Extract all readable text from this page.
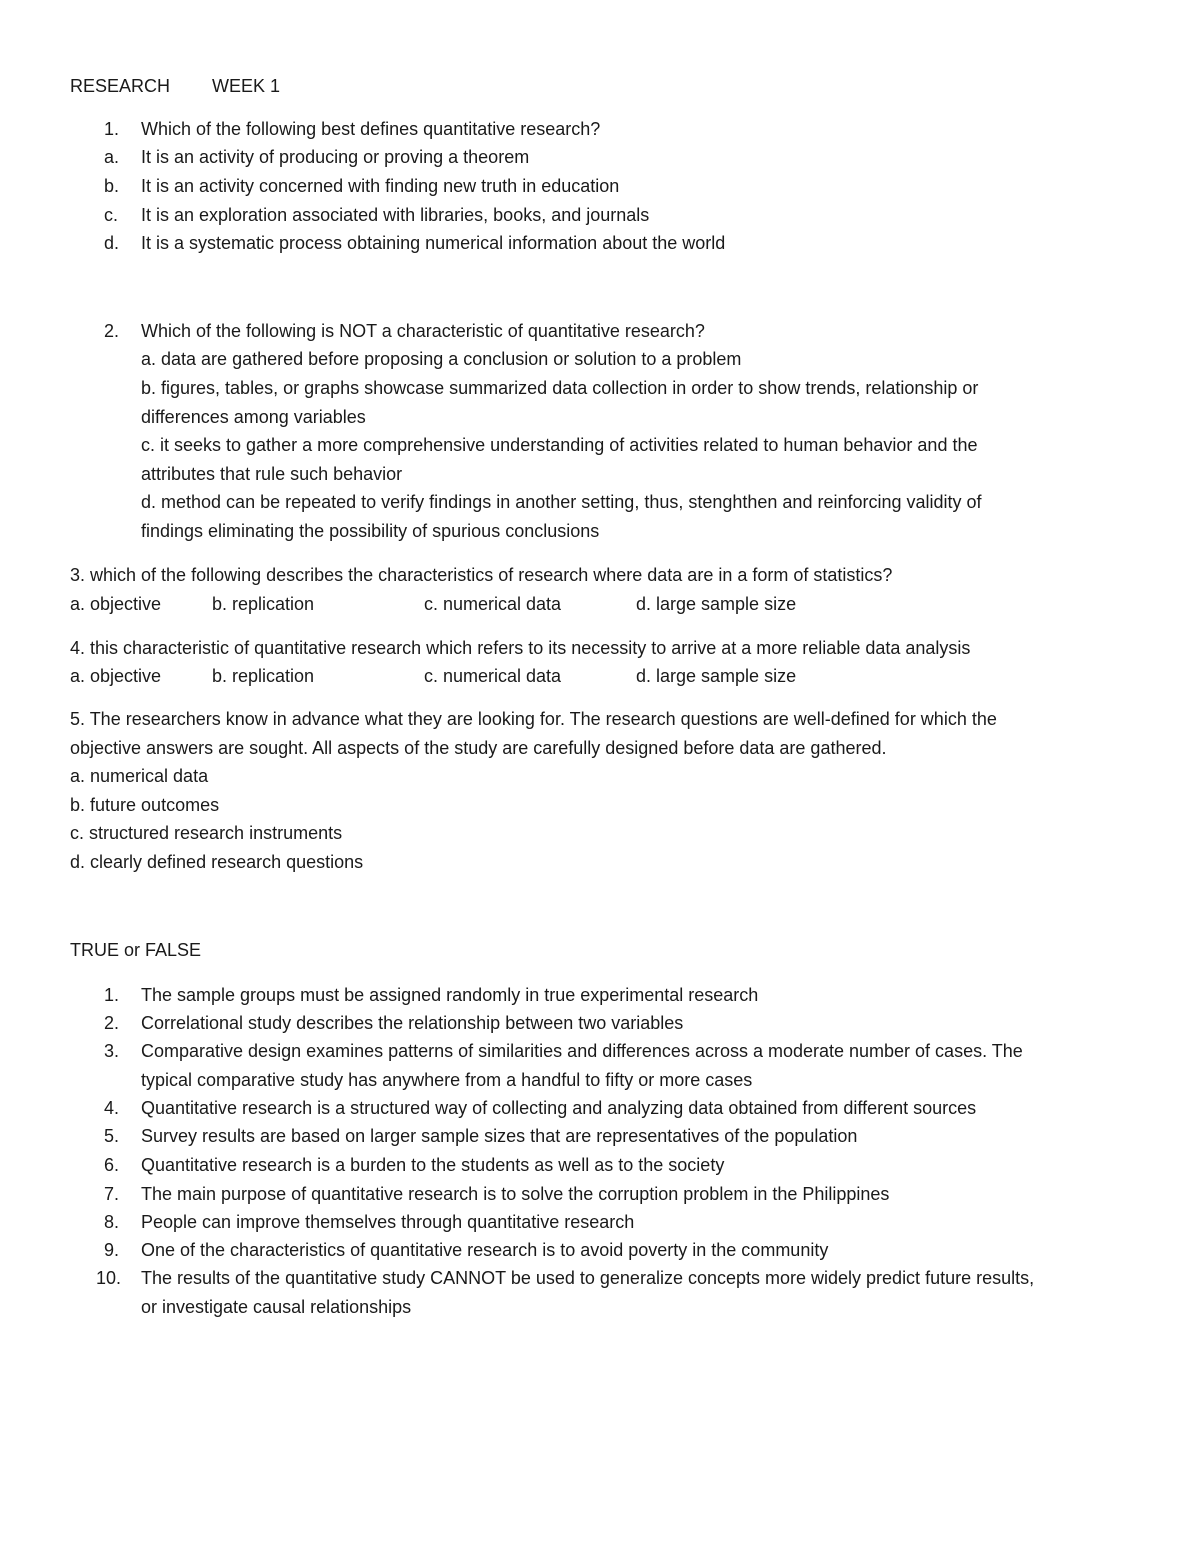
RESEARCH WEEK 1
1. Which of the following best defines quantitative research?
a. It is an activity of producing or proving a theorem
b. It is an activity concerned with finding new truth in education
c. It is an exploration associated with libraries, books, and journals
d. It is a systematic process obtaining numerical information about the world
2. Which of the following is NOT a characteristic of quantitative research?
a. data are gathered before proposing a conclusion or solution to a problem
b. figures, tables, or graphs showcase summarized data collection in order to show trends, relationship or
differences among variables
c. it seeks to gather a more comprehensive understanding of activities related to human behavior and the
attributes that rule such behavior
d. method can be repeated to verify findings in another setting, thus, stenghthen and reinforcing validity of
findings eliminating the possibility of spurious conclusions
3. which of the following describes the characteristics of research where data are in a form of statistics?
a. objective	b. replication	c. numerical data	d. large sample size
4. this characteristic of quantitative research which refers to its necessity to arrive at a more reliable data analysis
a. objective	b. replication	c. numerical data	d. large sample size
5. The researchers know in advance what they are looking for. The research questions are well-defined for which the
objective answers are sought. All aspects of the study are carefully designed before data are gathered.
a. numerical data
b. future outcomes
c. structured research instruments
d. clearly defined research questions
TRUE or FALSE
1. The sample groups must be assigned randomly in true experimental research
2. Correlational study describes the relationship between two variables
3. Comparative design examines patterns of similarities and differences across a moderate number of cases. The
typical comparative study has anywhere from a handful to fifty or more cases
4. Quantitative research is a structured way of collecting and analyzing data obtained from different sources
5. Survey results are based on larger sample sizes that are representatives of the population
6. Quantitative research is a burden to the students as well as to the society
7. The main purpose of quantitative research is to solve the corruption problem in the Philippines
8. People can improve themselves through quantitative research
9. One of the characteristics of quantitative research is to avoid poverty in the community
10. The results of the quantitative study CANNOT be used to generalize concepts more widely predict future results,
or investigate causal relationships
